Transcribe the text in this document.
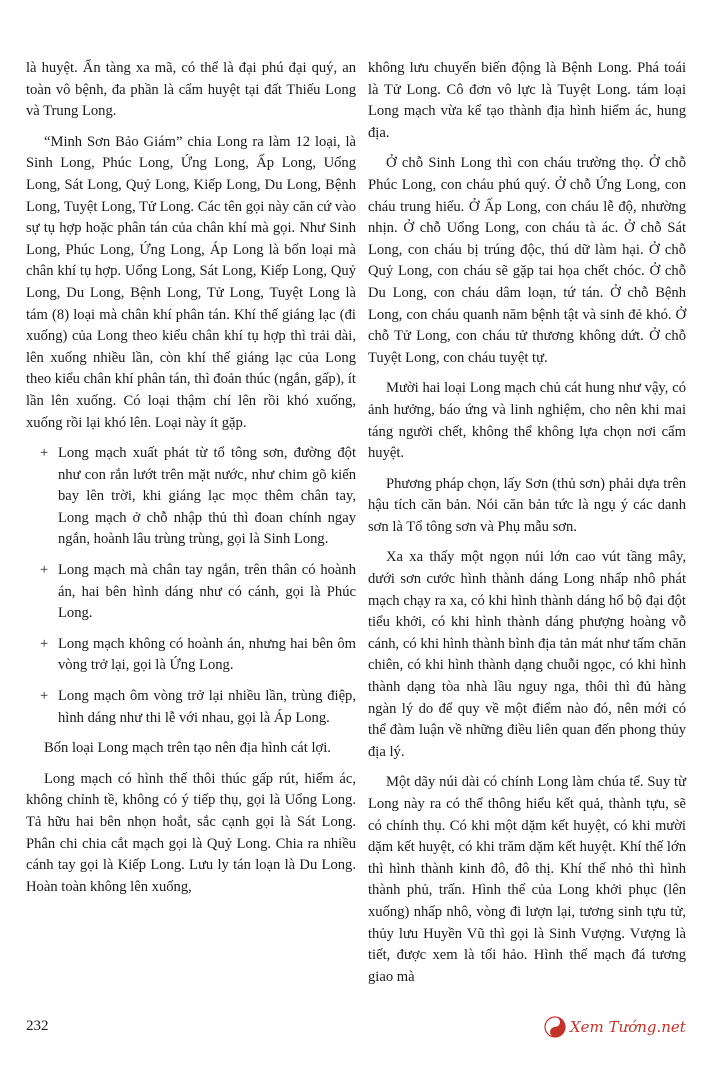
là huyệt. Ẩn tàng xa mã, có thể là đại phú đại quý, an toàn vô bệnh, đa phần là cẩm huyệt tại đất Thiếu Long và Trung Long.

“Minh Sơn Bảo Giám” chia Long ra làm 12 loại, là Sinh Long, Phúc Long, Ứng Long, Ấp Long, Uổng Long, Sát Long, Quỷ Long, Kiếp Long, Du Long, Bệnh Long, Tuyệt Long, Tử Long. Các tên gọi này căn cứ vào sự tụ hợp hoặc phân tán của chân khí mà gọi. Như Sinh Long, Phúc Long, Ứng Long, Áp Long là bốn loại mà chân khí tụ hợp. Uổng Long, Sát Long, Kiếp Long, Quỷ Long, Du Long, Bệnh Long, Tử Long, Tuyệt Long là tám (8) loại mà chân khí phân tán. Khí thế giáng lạc (đi xuống) của Long theo kiểu chân khí tụ hợp thì trải dài, lên xuống nhiều lần, còn khí thế giáng lạc của Long theo kiểu chân khí phân tán, thì đoản thúc (ngắn, gấp), ít lần lên xuống. Có loại thậm chí lên rồi khó xuống, xuống rồi lại khó lên. Loại này ít gặp.

+ Long mạch xuất phát từ tổ tông sơn, đường đột như con rắn lướt trên mặt nước, như chim gõ kiến bay lên trời, khi giáng lạc mọc thêm chân tay, Long mạch ở chỗ nhập thủ thì đoan chính ngay ngắn, hoành lâu trùng trùng, gọi là Sinh Long.
+ Long mạch mà chân tay ngắn, trên thân có hoành án, hai bên hình dáng như có cánh, gọi là Phúc Long.
+ Long mạch không có hoành án, nhưng hai bên ôm vòng trở lại, gọi là Ứng Long.
+ Long mạch ôm vòng trở lại nhiều lần, trùng điệp, hình dáng như thi lễ với nhau, gọi là Áp Long.

Bốn loại Long mạch trên tạo nên địa hình cát lợi.

Long mạch có hình thế thôi thúc gấp rút, hiểm ác, không chỉnh tề, không có ý tiếp thụ, gọi là Uổng Long. Tả hữu hai bên nhọn hoắt, sắc cạnh gọi là Sát Long. Phân chi chia cắt mạch gọi là Quỷ Long. Chia ra nhiều cánh tay gọi là Kiếp Long. Lưu ly tán loạn là Du Long. Hoàn toàn không lên xuống,

không lưu chuyển biến động là Bệnh Long. Phá toái là Tử Long. Cô đơn vô lực là Tuyệt Long. tám loại Long mạch vừa kể tạo thành địa hình hiểm ác, hung địa.

Ở chỗ Sinh Long thì con cháu trường thọ. Ở chỗ Phúc Long, con cháu phú quý. Ở chỗ Ứng Long, con cháu trung hiếu. Ở Ấp Long, con cháu lễ độ, nhường nhịn. Ở chỗ Uổng Long, con cháu tà ác. Ở chỗ Sát Long, con cháu bị trúng độc, thú dữ làm hại. Ở chỗ Quỷ Long, con cháu sẽ gặp tai họa chết chóc. Ở chỗ Du Long, con cháu dâm loạn, tứ tán. Ở chỗ Bệnh Long, con cháu quanh năm bệnh tật và sinh đẻ khó. Ở chỗ Tử Long, con cháu tử thương không dứt. Ở chỗ Tuyệt Long, con cháu tuyệt tự.

Mười hai loại Long mạch chủ cát hung như vậy, có ảnh hưởng, báo ứng và linh nghiệm, cho nên khi mai táng người chết, không thể không lựa chọn nơi cẩm huyệt.

Phương pháp chọn, lấy Sơn (thủ sơn) phải dựa trên hậu tích căn bản. Nói căn bản tức là ngụ ý các danh sơn là Tổ tông sơn và Phụ mẫu sơn.

Xa xa thấy một ngọn núi lớn cao vút tầng mây, dưới sơn cước hình thành dáng Long nhấp nhô phát mạch chạy ra xa, có khi hình thành dáng hổ bộ đại đột tiểu khởi, có khi hình thành dáng phượng hoàng vỗ cánh, có khi hình thành bình địa tản mát như tấm chăn chiên, có khi hình thành dạng chuỗi ngọc, có khi hình thành dạng tòa nhà lầu nguy nga, thôi thì đủ hàng ngàn lý do để quy về một điểm nào đó, nên mới có thể đàm luận về những điều liên quan đến phong thủy địa lý.

Một dãy núi dài có chính Long làm chúa tể. Suy từ Long này ra có thể thông hiểu kết quả, thành tựu, sẽ có chính thụ. Có khi một dặm kết huyệt, có khi mười dặm kết huyệt, có khi trăm dặm kết huyệt. Khí thế lớn thì hình thành kinh đô, đô thị. Khí thế nhỏ thì hình thành phủ, trấn. Hình thế của Long khởi phục (lên xuống) nhấp nhô, vòng đi lượn lại, tương sinh tựu tử, thủy lưu Huyền Vũ thì gọi là Sinh Vượng. Vượng là tiết, được xem là tối hảo. Hình thế mạch đá tương giao mà

232	Xem Tướng.net
